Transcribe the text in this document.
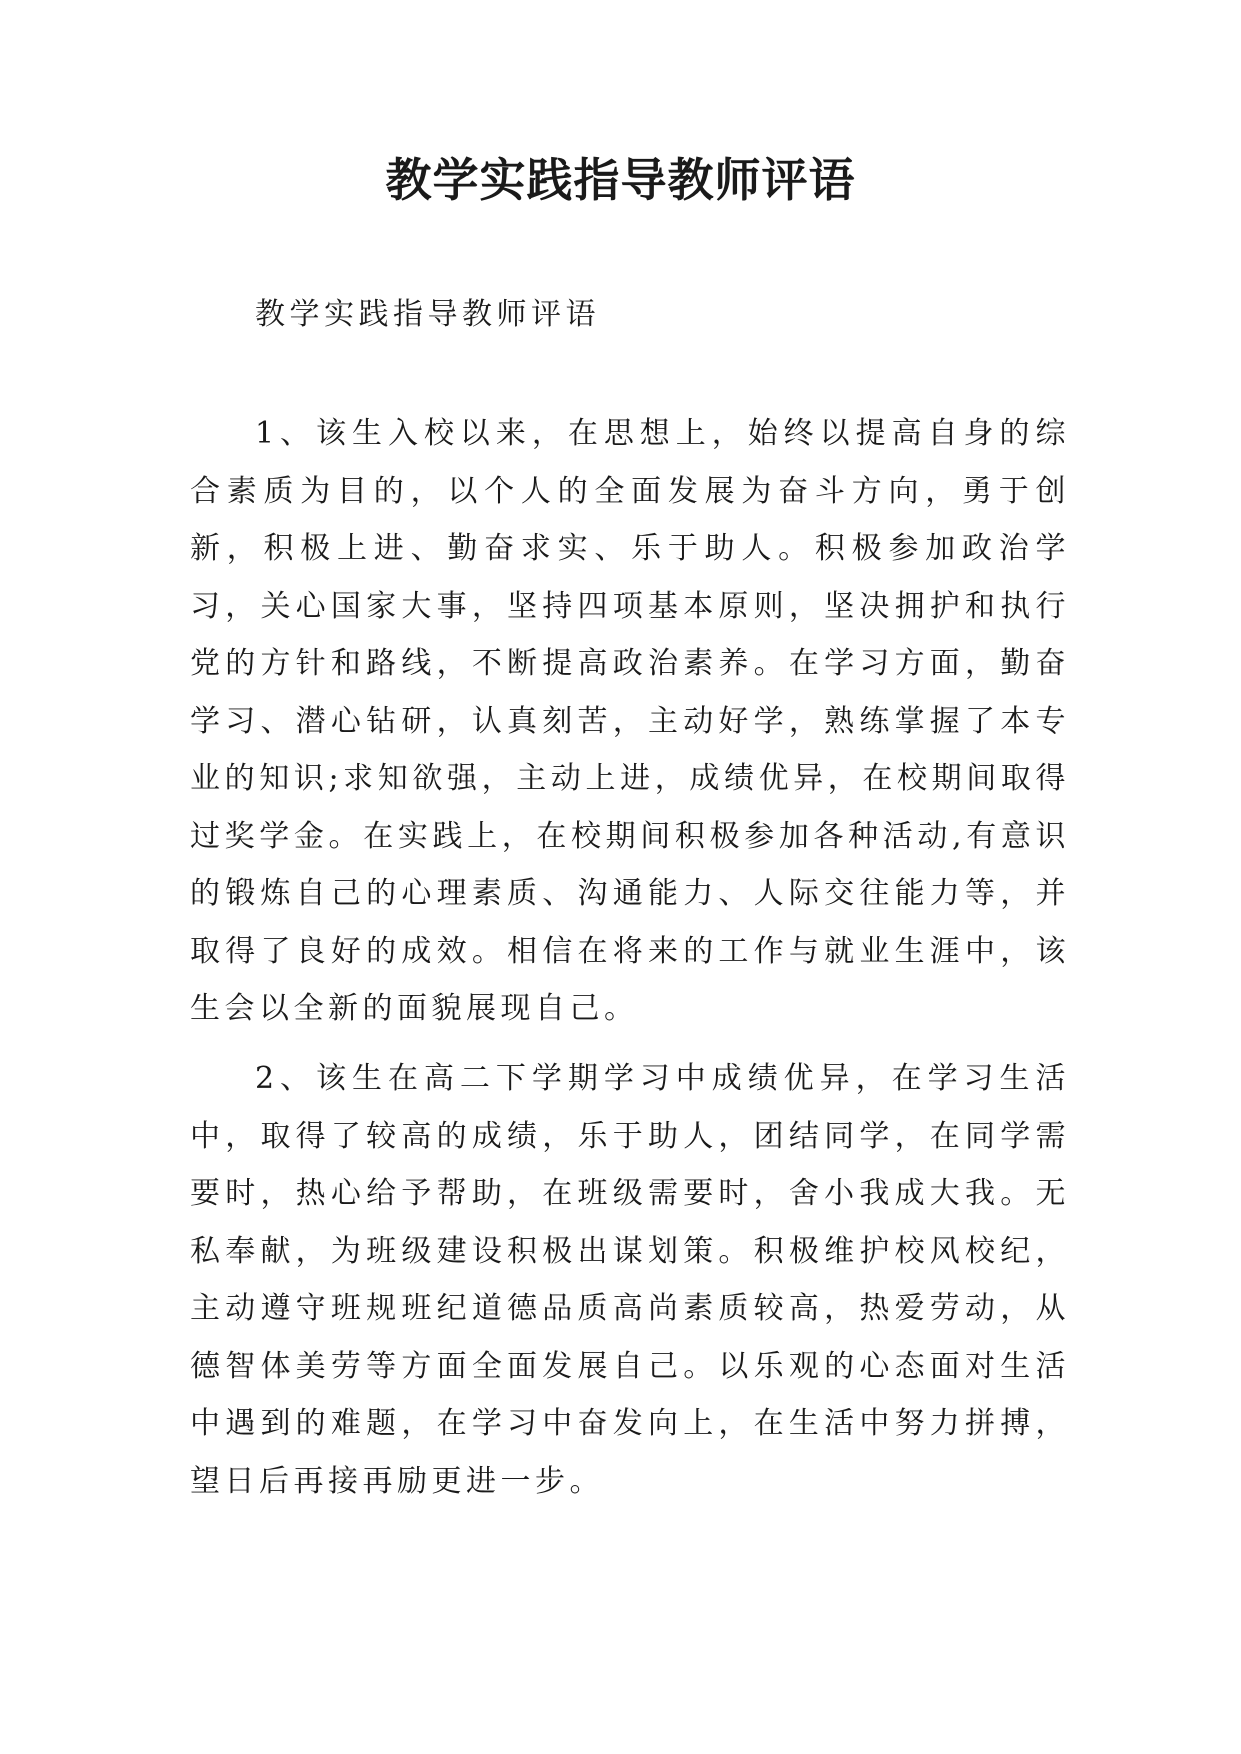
教学实践指导教师评语

教学实践指导教师评语

1、该生入校以来，在思想上，始终以提高自身的综合素质为目的，以个人的全面发展为奋斗方向，勇于创新，积极上进、勤奋求实、乐于助人。积极参加政治学习，关心国家大事，坚持四项基本原则，坚决拥护和执行党的方针和路线，不断提高政治素养。在学习方面，勤奋学习、潜心钻研，认真刻苦，主动好学，熟练掌握了本专业的知识;求知欲强，主动上进，成绩优异，在校期间取得过奖学金。在实践上，在校期间积极参加各种活动,有意识的锻炼自己的心理素质、沟通能力、人际交往能力等，并取得了良好的成效。相信在将来的工作与就业生涯中，该生会以全新的面貌展现自己。

2、该生在高二下学期学习中成绩优异，在学习生活中，取得了较高的成绩，乐于助人，团结同学，在同学需要时，热心给予帮助，在班级需要时，舍小我成大我。无私奉献，为班级建设积极出谋划策。积极维护校风校纪，主动遵守班规班纪道德品质高尚素质较高，热爱劳动，从德智体美劳等方面全面发展自己。以乐观的心态面对生活中遇到的难题，在学习中奋发向上，在生活中努力拼搏，望日后再接再励更进一步。
